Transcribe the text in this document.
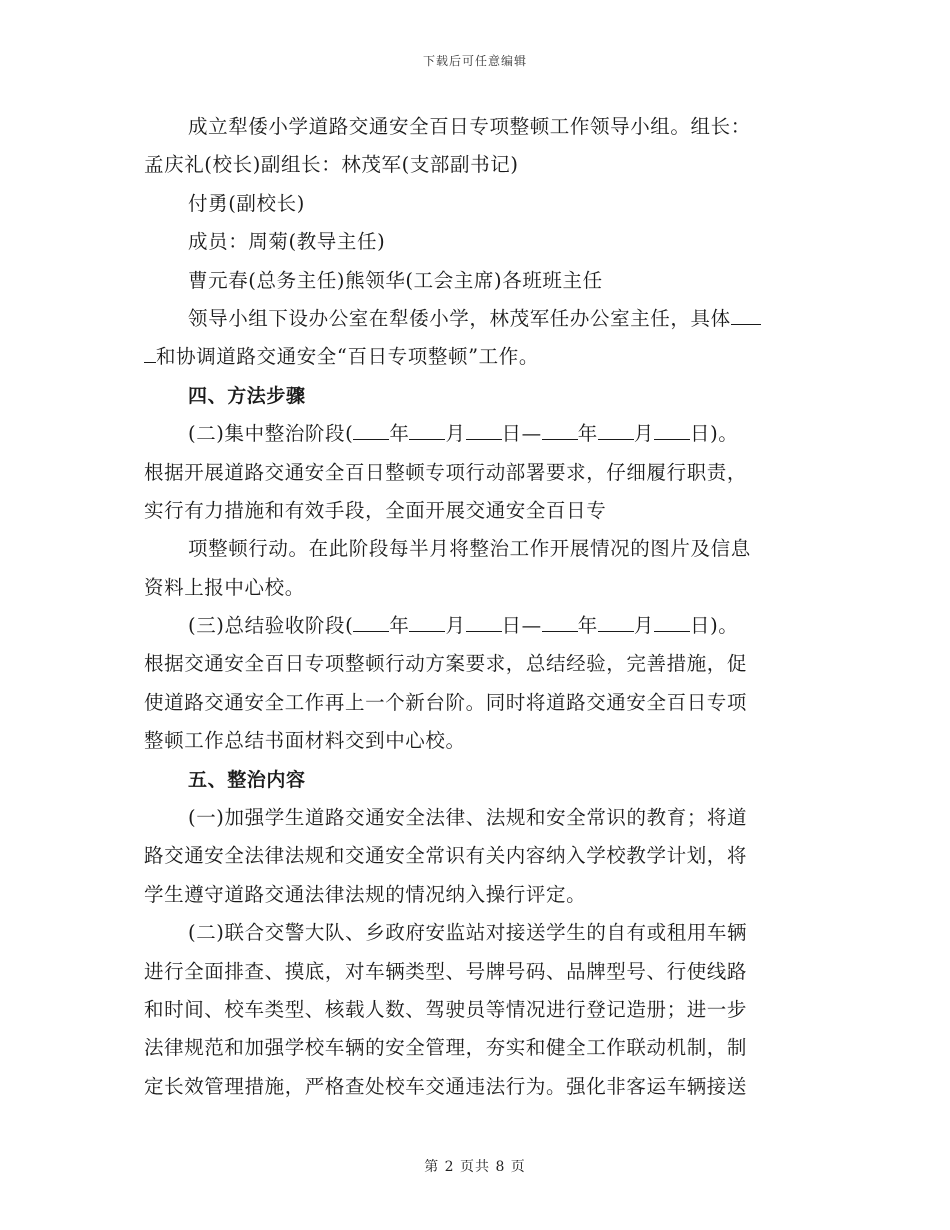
下载后可任意编辑
成立犁倭小学道路交通安全百日专项整顿工作领导小组。组长：
孟庆礼(校长)副组长：林茂军(支部副书记)
付勇(副校长)
成员：周菊(教导主任)
曹元春(总务主任)熊领华(工会主席)各班班主任
领导小组下设办公室在犁倭小学，林茂军任办公室主任，具体
和协调道路交通安全“百日专项整顿”工作。
四、方法步骤
(二)集中整治阶段( 年 月 日— 年 月 日)。
根据开展道路交通安全百日整顿专项行动部署要求，仔细履行职责，
实行有力措施和有效手段，全面开展交通安全百日专
项整顿行动。在此阶段每半月将整治工作开展情况的图片及信息
资料上报中心校。
(三)总结验收阶段( 年 月 日— 年 月 日)。
根据交通安全百日专项整顿行动方案要求，总结经验，完善措施，促
使道路交通安全工作再上一个新台阶。同时将道路交通安全百日专项
整顿工作总结书面材料交到中心校。
五、整治内容
(一)加强学生道路交通安全法律、法规和安全常识的教育；将道
路交通安全法律法规和交通安全常识有关内容纳入学校教学计划，将
学生遵守道路交通法律法规的情况纳入操行评定。
(二)联合交警大队、乡政府安监站对接送学生的自有或租用车辆
进行全面排查、摸底，对车辆类型、号牌号码、品牌型号、行使线路
和时间、校车类型、核载人数、驾驶员等情况进行登记造册；进一步
法律规范和加强学校车辆的安全管理，夯实和健全工作联动机制，制
定长效管理措施，严格查处校车交通违法行为。强化非客运车辆接送
第 2 页共 8 页
